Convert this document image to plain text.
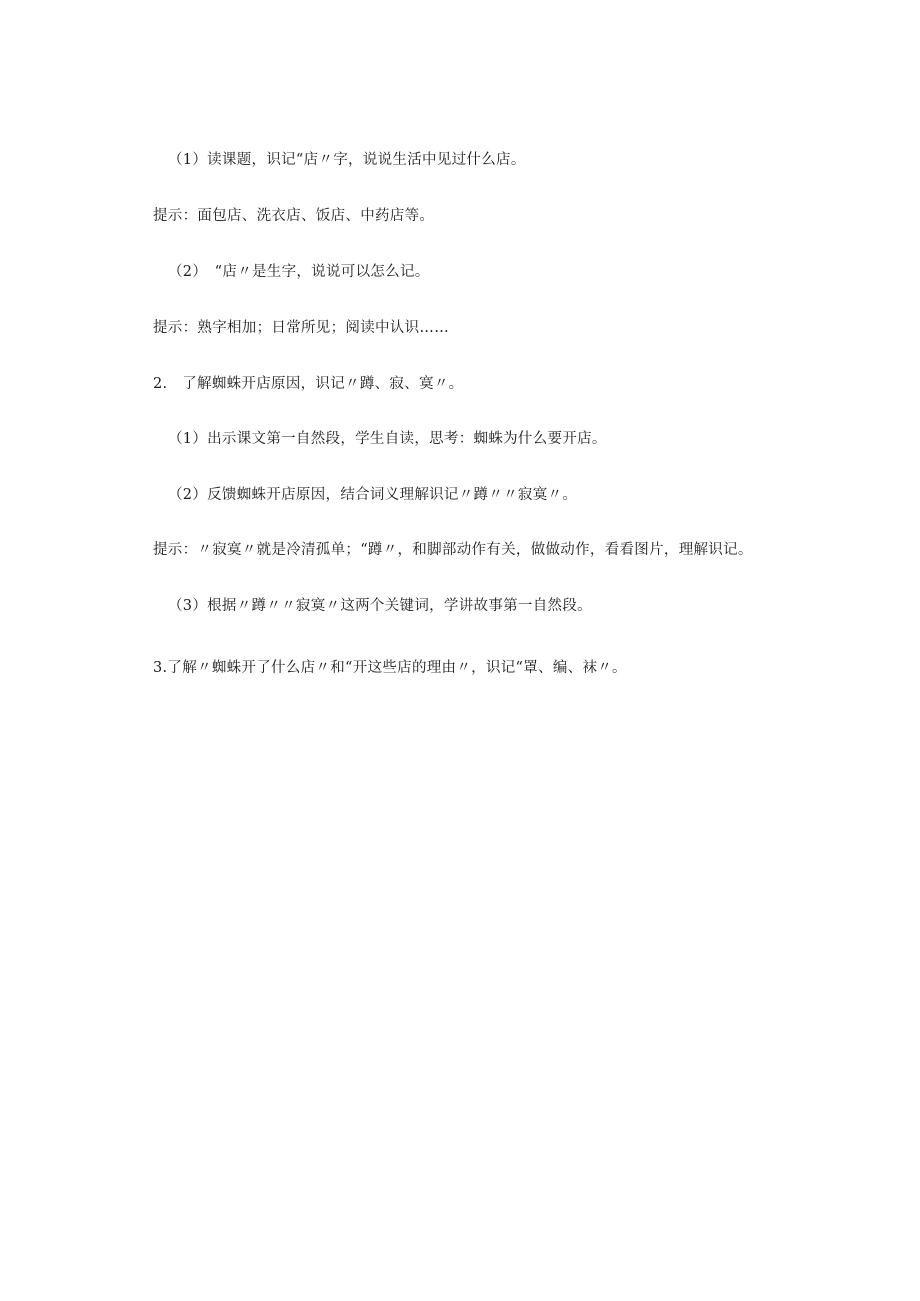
（1）读课题，识记“店〃字，说说生活中见过什么店。
提示：面包店、洗衣店、饭店、中药店等。
（2）　“店〃是生字，说说可以怎么记。
提示：熟字相加；日常所见；阅读中认识……
2.　了解蜘蛛开店原因，识记〃蹲、寂、寞〃。
（1）出示课文第一自然段，学生自读，思考：蜘蛛为什么要开店。
（2）反馈蜘蛛开店原因，结合词义理解识记〃蹲〃〃寂寞〃。
提示：〃寂寞〃就是冷清孤单；“蹲〃，和脚部动作有关，做做动作，看看图片，理解识记。
（3）根据〃蹲〃〃寂寞〃这两个关键词，学讲故事第一自然段。
3.了解〃蜘蛛开了什么店〃和“开这些店的理由〃，识记“罩、编、袜〃。
